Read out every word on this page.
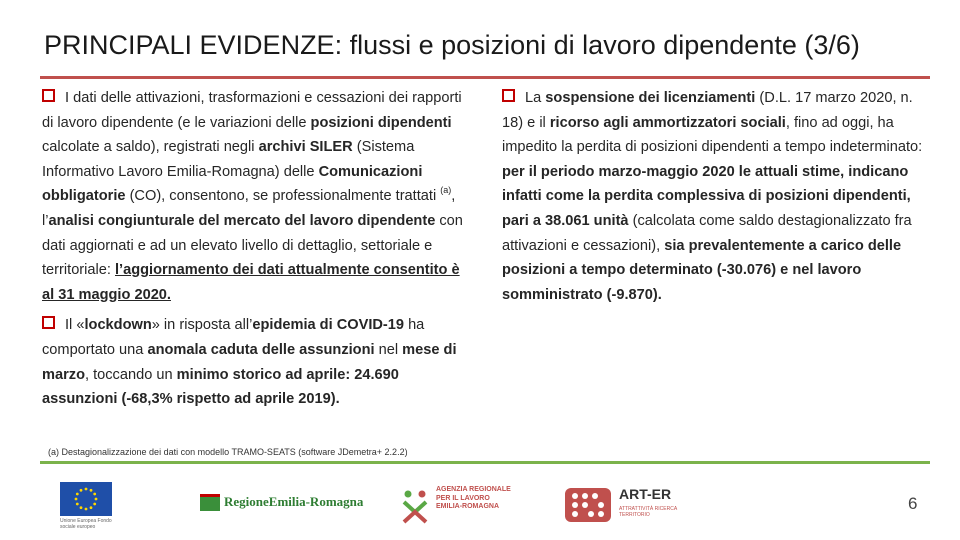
PRINCIPALI EVIDENZE: flussi e posizioni di lavoro dipendente (3/6)

I dati delle attivazioni, trasformazioni e cessazioni dei rapporti di lavoro dipendente (e le variazioni delle posizioni dipendenti calcolate a saldo), registrati negli archivi SILER (Sistema Informativo Lavoro Emilia-Romagna) delle Comunicazioni obbligatorie (CO), consentono, se professionalmente trattati $^{(a)}$, l’analisi congiunturale del mercato del lavoro dipendente con dati aggiornati e ad un elevato livello di dettaglio, settoriale e territoriale: l’aggiornamento dei dati attualmente consentito è al 31 maggio 2020.

Il «lockdown» in risposta all’epidemia di COVID-19 ha comportato una anomala caduta delle assunzioni nel mese di marzo, toccando un minimo storico ad aprile: 24.690 assunzioni (-68,3% rispetto ad aprile 2019).

La sospensione dei licenziamenti (D.L. 17 marzo 2020, n. 18) e il ricorso agli ammortizzatori sociali, fino ad oggi, ha impedito la perdita di posizioni dipendenti a tempo indeterminato: per il periodo marzo-maggio 2020 le attuali stime, indicano infatti come la perdita complessiva di posizioni dipendenti, pari a 38.061 unità (calcolata come saldo destagionalizzato fra attivazioni e cessazioni), sia prevalentemente a carico delle posizioni a tempo determinato (-30.076) e nel lavoro somministrato (-9.870).

(a) Destagionalizzazione dei dati con modello TRAMO-SEATS (software JDemetra+ 2.2.2)
Unione Europea Fondo sociale europeo
RegioneEmilia-Romagna
AGENZIA REGIONALE PER IL LAVORO EMILIA-ROMAGNA
ART-ER
ATTRATTIVITÀ RICERCA TERRITORIO
6
